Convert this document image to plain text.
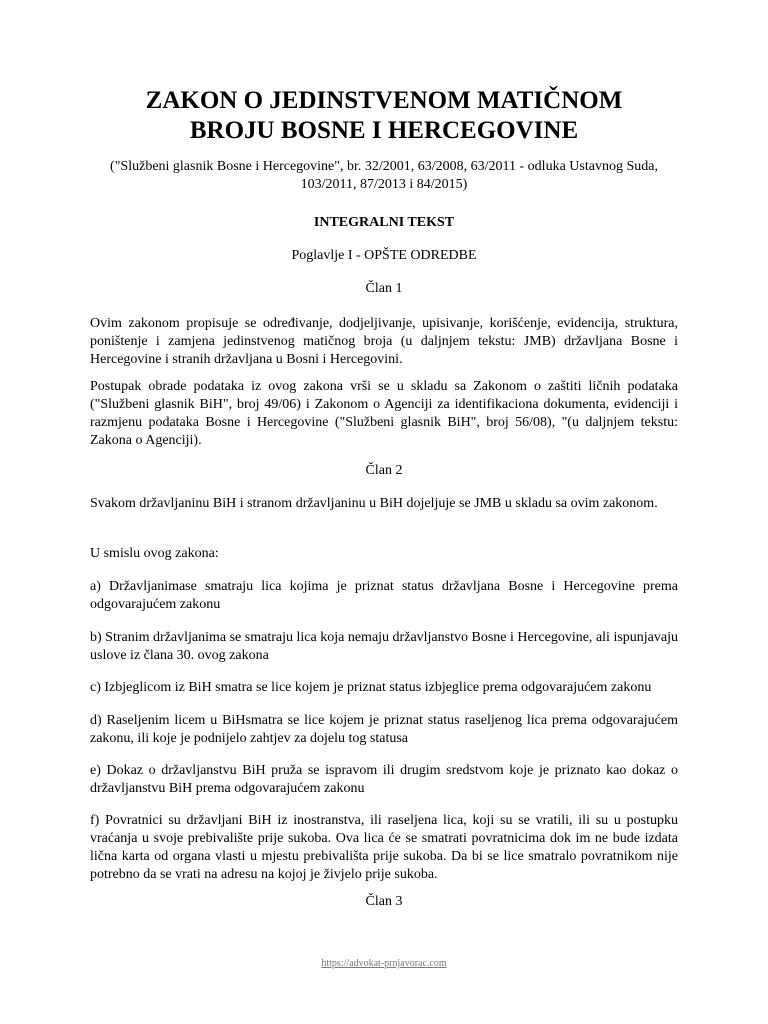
ZAKON O JEDINSTVENOM MATIČNOM
BROJU BOSNE I HERCEGOVINE
("Službeni glasnik Bosne i Hercegovine", br. 32/2001, 63/2008, 63/2011 - odluka Ustavnog Suda, 103/2011, 87/2013 i 84/2015)
INTEGRALNI TEKST
Poglavlje I - OPŠTE ODREDBE
Član 1

Ovim zakonom propisuje se određivanje, dodjeljivanje, upisivanje, korišćenje, evidencija, struktura, poništenje i zamjena jedinstvenog matičnog broja (u daljnjem tekstu: JMB) državljana Bosne i Hercegovine i stranih državljana u Bosni i Hercegovini.

Postupak obrade podataka iz ovog zakona vrši se u skladu sa Zakonom o zaštiti ličnih podataka ("Službeni glasnik BiH", broj 49/06) i Zakonom o Agenciji za identifikaciona dokumenta, evidenciji i razmjenu podataka Bosne i Hercegovine ("Službeni glasnik BiH", broj 56/08), "(u daljnjem tekstu: Zakona o Agenciji).

Član 2

Svakom državljaninu BiH i stranom državljaninu u BiH dojeljuje se JMB u skladu sa ovim zakonom.

U smislu ovog zakona:

a) Državljanimase smatraju lica kojima je priznat status državljana Bosne i Hercegovine prema odgovarajućem zakonu

b) Stranim državljanima se smatraju lica koja nemaju državljanstvo Bosne i Hercegovine, ali ispunjavaju uslove iz člana 30. ovog zakona

c) Izbjeglicom iz BiH smatra se lice kojem je priznat status izbjeglice prema odgovarajućem zakonu

d) Raseljenim licem u BiHsmatra se lice kojem je priznat status raseljenog lica prema odgovarajućem zakonu, ili koje je podnijelo zahtjev za dojelu tog statusa

e) Dokaz o državljanstvu BiH pruža se ispravom ili drugim sredstvom koje je priznato kao dokaz o državljanstvu BiH prema odgovarajućem zakonu

f) Povratnici su državljani BiH iz inostranstva, ili raseljena lica, koji su se vratili, ili su u postupku vraćanja u svoje prebivalište prije sukoba. Ova lica će se smatrati povratnicima dok im ne bude izdata lična karta od organa vlasti u mjestu prebivališta prije sukoba. Da bi se lice smatralo povratnikom nije potrebno da se vrati na adresu na kojoj je živjelo prije sukoba.

Član 3
https://advokat-prnjavorac.com
